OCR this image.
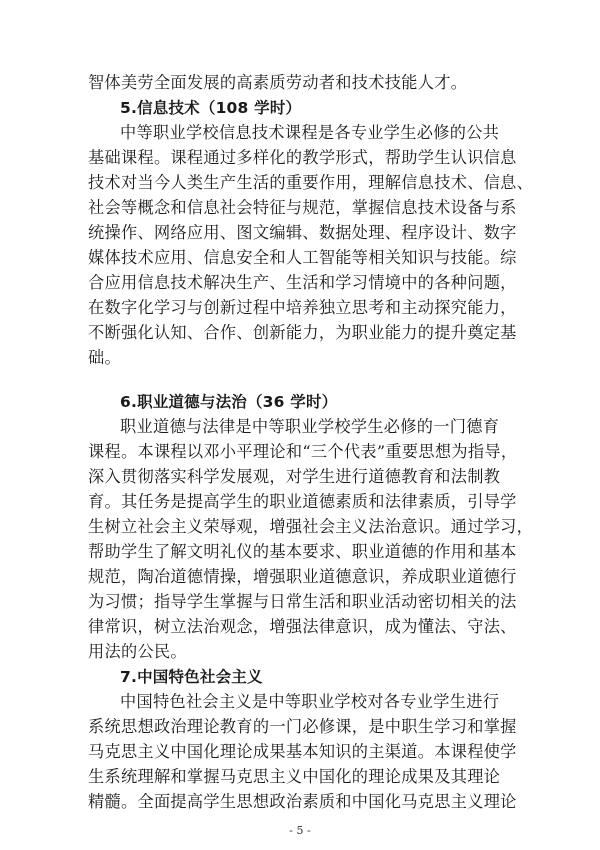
智体美劳全面发展的高素质劳动者和技术技能人才。
5.信息技术（108 学时）
中等职业学校信息技术课程是各专业学生必修的公共
基础课程。课程通过多样化的教学形式，帮助学生认识信息
技术对当今人类生产生活的重要作用，理解信息技术、信息、
社会等概念和信息社会特征与规范，掌握信息技术设备与系
统操作、网络应用、图文编辑、数据处理、程序设计、数字
媒体技术应用、信息安全和人工智能等相关知识与技能。综
合应用信息技术解决生产、生活和学习情境中的各种问题，
在数字化学习与创新过程中培养独立思考和主动探究能力，
不断强化认知、合作、创新能力，为职业能力的提升奠定基
础。
6.职业道德与法治（36 学时）
职业道德与法律是中等职业学校学生必修的一门德育
课程。本课程以邓小平理论和“三个代表”重要思想为指导，
深入贯彻落实科学发展观，对学生进行道德教育和法制教
育。其任务是提高学生的职业道德素质和法律素质，引导学
生树立社会主义荣辱观，增强社会主义法治意识。通过学习，
帮助学生了解文明礼仪的基本要求、职业道德的作用和基本
规范，陶冶道德情操，增强职业道德意识，养成职业道德行
为习惯；指导学生掌握与日常生活和职业活动密切相关的法
律常识，树立法治观念，增强法律意识，成为懂法、守法、
用法的公民。
7.中国特色社会主义
中国特色社会主义是中等职业学校对各专业学生进行
系统思想政治理论教育的一门必修课，是中职生学习和掌握
马克思主义中国化理论成果基本知识的主渠道。本课程使学
生系统理解和掌握马克思主义中国化的理论成果及其理论
精髓。全面提高学生思想政治素质和中国化马克思主义理论
- 5 -
